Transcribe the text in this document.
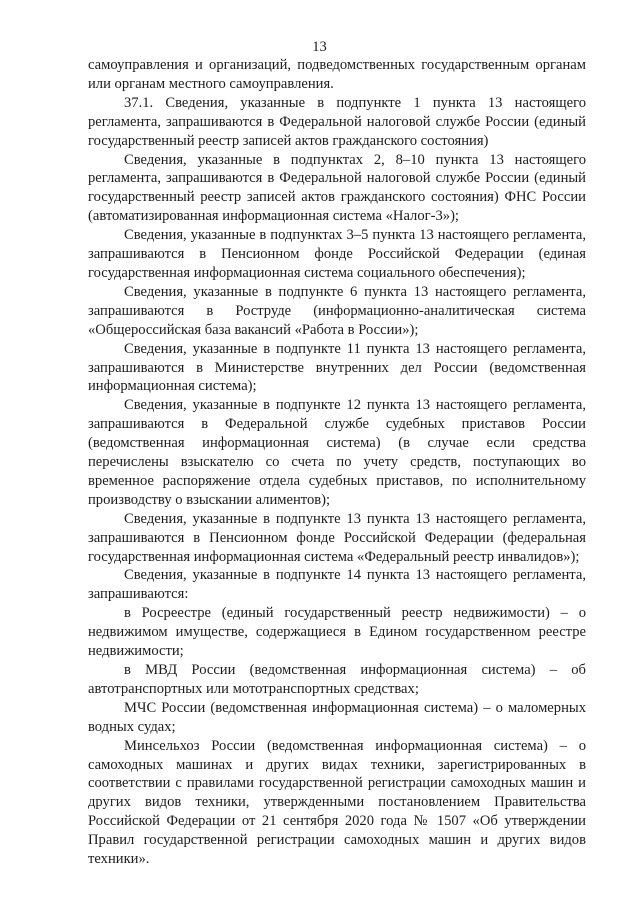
13

самоуправления и организаций, подведомственных государственным органам или органам местного самоуправления.

37.1. Сведения, указанные в подпункте 1 пункта 13 настоящего регламента, запрашиваются в Федеральной налоговой службе России (единый государственный реестр записей актов гражданского состояния)

Сведения, указанные в подпунктах 2, 8–10 пункта 13 настоящего регламента, запрашиваются в Федеральной налоговой службе России (единый государственный реестр записей актов гражданского состояния) ФНС России (автоматизированная информационная система «Налог-3»);

Сведения, указанные в подпунктах 3–5 пункта 13 настоящего регламента, запрашиваются в Пенсионном фонде Российской Федерации (единая государственная информационная система социального обеспечения);

Сведения, указанные в подпункте 6 пункта 13 настоящего регламента, запрашиваются в Роструде (информационно-аналитическая система «Общероссийская база вакансий «Работа в России»);

Сведения, указанные в подпункте 11 пункта 13 настоящего регламента, запрашиваются в Министерстве внутренних дел России (ведомственная информационная система);

Сведения, указанные в подпункте 12 пункта 13 настоящего регламента, запрашиваются в Федеральной службе судебных приставов России (ведомственная информационная система) (в случае если средства перечислены взыскателю со счета по учету средств, поступающих во временное распоряжение отдела судебных приставов, по исполнительному производству о взыскании алиментов);

Сведения, указанные в подпункте 13 пункта 13 настоящего регламента, запрашиваются в Пенсионном фонде Российской Федерации (федеральная государственная информационная система «Федеральный реестр инвалидов»);

Сведения, указанные в подпункте 14 пункта 13 настоящего регламента, запрашиваются:

в Росреестре (единый государственный реестр недвижимости) – о недвижимом имуществе, содержащиеся в Едином государственном реестре недвижимости;

в МВД России (ведомственная информационная система) – об автотранспортных или мототранспортных средствах;

МЧС России (ведомственная информационная система) – о маломерных водных судах;

Минсельхоз России (ведомственная информационная система) – о самоходных машинах и других видах техники, зарегистрированных в соответствии с правилами государственной регистрации самоходных машин и других видов техники, утвержденными постановлением Правительства Российской Федерации от 21 сентября 2020 года № 1507 «Об утверждении Правил государственной регистрации самоходных машин и других видов техники».
